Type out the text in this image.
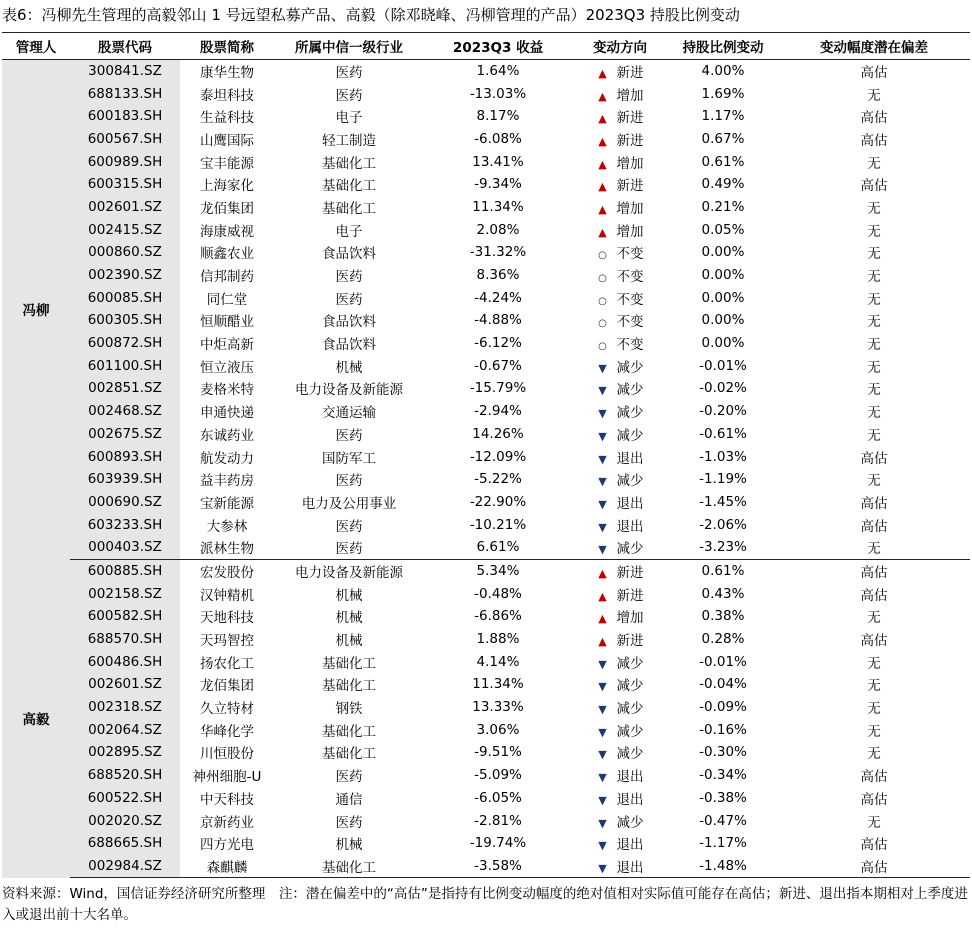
表6：冯柳先生管理的高毅邻山 1 号远望私募产品、高毅（除邓晓峰、冯柳管理的产品）2023Q3 持股比例变动
管理人	股票代码	股票简称	所属中信一级行业	2023Q3 收益	变动方向	持股比例变动	变动幅度潜在偏差
冯柳	300841.SZ	康华生物	医药	1.64%	▲ 新进	4.00%	高估
	688133.SH	泰坦科技	医药	-13.03%	▲ 增加	1.69%	无
	600183.SH	生益科技	电子	8.17%	▲ 新进	1.17%	高估
	600567.SH	山鹰国际	轻工制造	-6.08%	▲ 新进	0.67%	高估
	600989.SH	宝丰能源	基础化工	13.41%	▲ 增加	0.61%	无
	600315.SH	上海家化	基础化工	-9.34%	▲ 新进	0.49%	高估
	002601.SZ	龙佰集团	基础化工	11.34%	▲ 增加	0.21%	无
	002415.SZ	海康威视	电子	2.08%	▲ 增加	0.05%	无
	000860.SZ	顺鑫农业	食品饮料	-31.32%	○ 不变	0.00%	无
	002390.SZ	信邦制药	医药	8.36%	○ 不变	0.00%	无
	600085.SH	同仁堂	医药	-4.24%	○ 不变	0.00%	无
	600305.SH	恒顺醋业	食品饮料	-4.88%	○ 不变	0.00%	无
	600872.SH	中炬高新	食品饮料	-6.12%	○ 不变	0.00%	无
	601100.SH	恒立液压	机械	-0.67%	▼ 减少	-0.01%	无
	002851.SZ	麦格米特	电力设备及新能源	-15.79%	▼ 减少	-0.02%	无
	002468.SZ	申通快递	交通运输	-2.94%	▼ 减少	-0.20%	无
	002675.SZ	东诚药业	医药	14.26%	▼ 减少	-0.61%	无
	600893.SH	航发动力	国防军工	-12.09%	▼ 退出	-1.03%	高估
	603939.SH	益丰药房	医药	-5.22%	▼ 减少	-1.19%	无
	000690.SZ	宝新能源	电力及公用事业	-22.90%	▼ 退出	-1.45%	高估
	603233.SH	大参林	医药	-10.21%	▼ 退出	-2.06%	高估
	000403.SZ	派林生物	医药	6.61%	▼ 减少	-3.23%	无
高毅	600885.SH	宏发股份	电力设备及新能源	5.34%	▲ 新进	0.61%	高估
	002158.SZ	汉钟精机	机械	-0.48%	▲ 新进	0.43%	高估
	600582.SH	天地科技	机械	-6.86%	▲ 增加	0.38%	无
	688570.SH	天玛智控	机械	1.88%	▲ 新进	0.28%	高估
	600486.SH	扬农化工	基础化工	4.14%	▼ 减少	-0.01%	无
	002601.SZ	龙佰集团	基础化工	11.34%	▼ 减少	-0.04%	无
	002318.SZ	久立特材	钢铁	13.33%	▼ 减少	-0.09%	无
	002064.SZ	华峰化学	基础化工	3.06%	▼ 减少	-0.16%	无
	002895.SZ	川恒股份	基础化工	-9.51%	▼ 减少	-0.30%	无
	688520.SH	神州细胞-U	医药	-5.09%	▼ 退出	-0.34%	高估
	600522.SH	中天科技	通信	-6.05%	▼ 退出	-0.38%	高估
	002020.SZ	京新药业	医药	-2.81%	▼ 减少	-0.47%	无
	688665.SH	四方光电	机械	-19.74%	▼ 退出	-1.17%	高估
	002984.SZ	森麒麟	基础化工	-3.58%	▼ 退出	-1.48%	高估
资料来源：Wind，国信证券经济研究所整理　注：潜在偏差中的“高估”是指持有比例变动幅度的绝对值相对实际值可能存在高估；新进、退出指本期相对上季度进入或退出前十大名单。
